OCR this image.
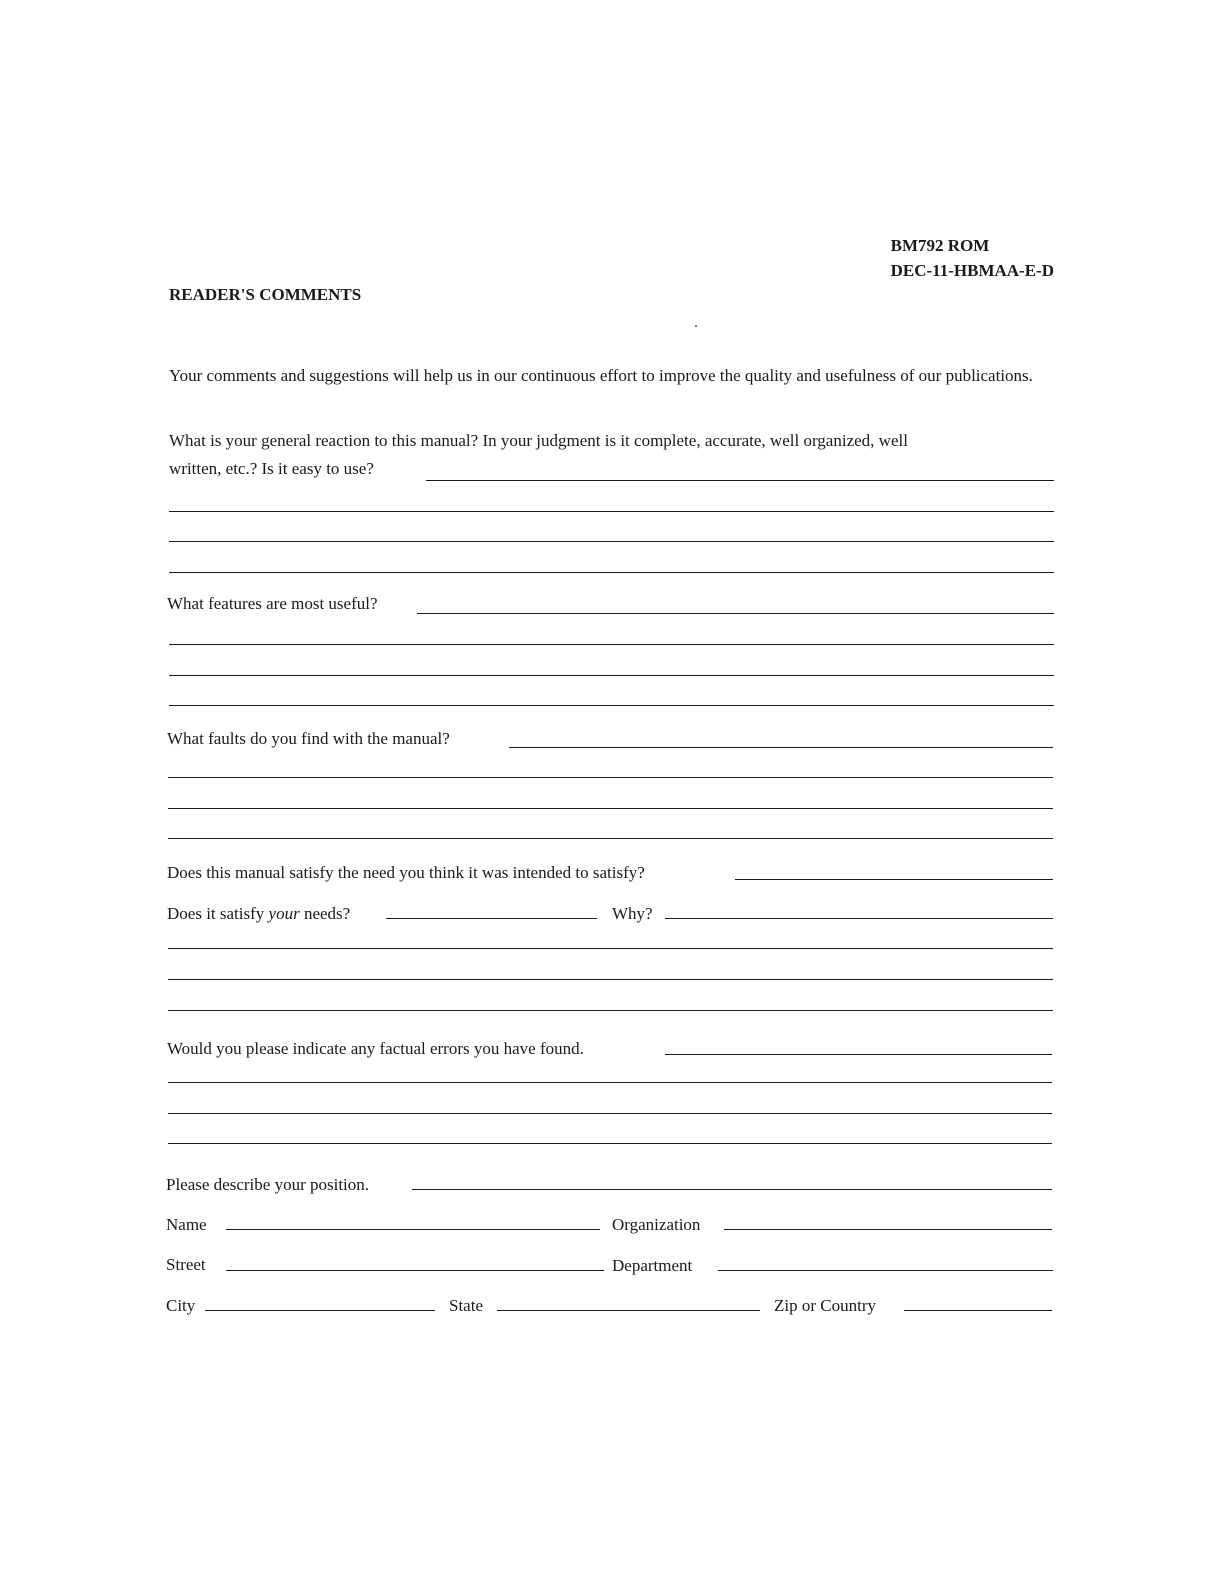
BM792 ROM
DEC-11-HBMAA-E-D
READER'S COMMENTS
Your comments and suggestions will help us in our continuous effort to improve the quality and usefulness of our publications.
What is your general reaction to this manual? In your judgment is it complete, accurate, well organized, well
written, etc.? Is it easy to use?
What features are most useful?
What faults do you find with the manual?
Does this manual satisfy the need you think it was intended to satisfy?
Does it satisfy your needs?	Why?
Would you please indicate any factual errors you have found.
Please describe your position.
Name	Organization
Street	Department
City	State	Zip or Country
